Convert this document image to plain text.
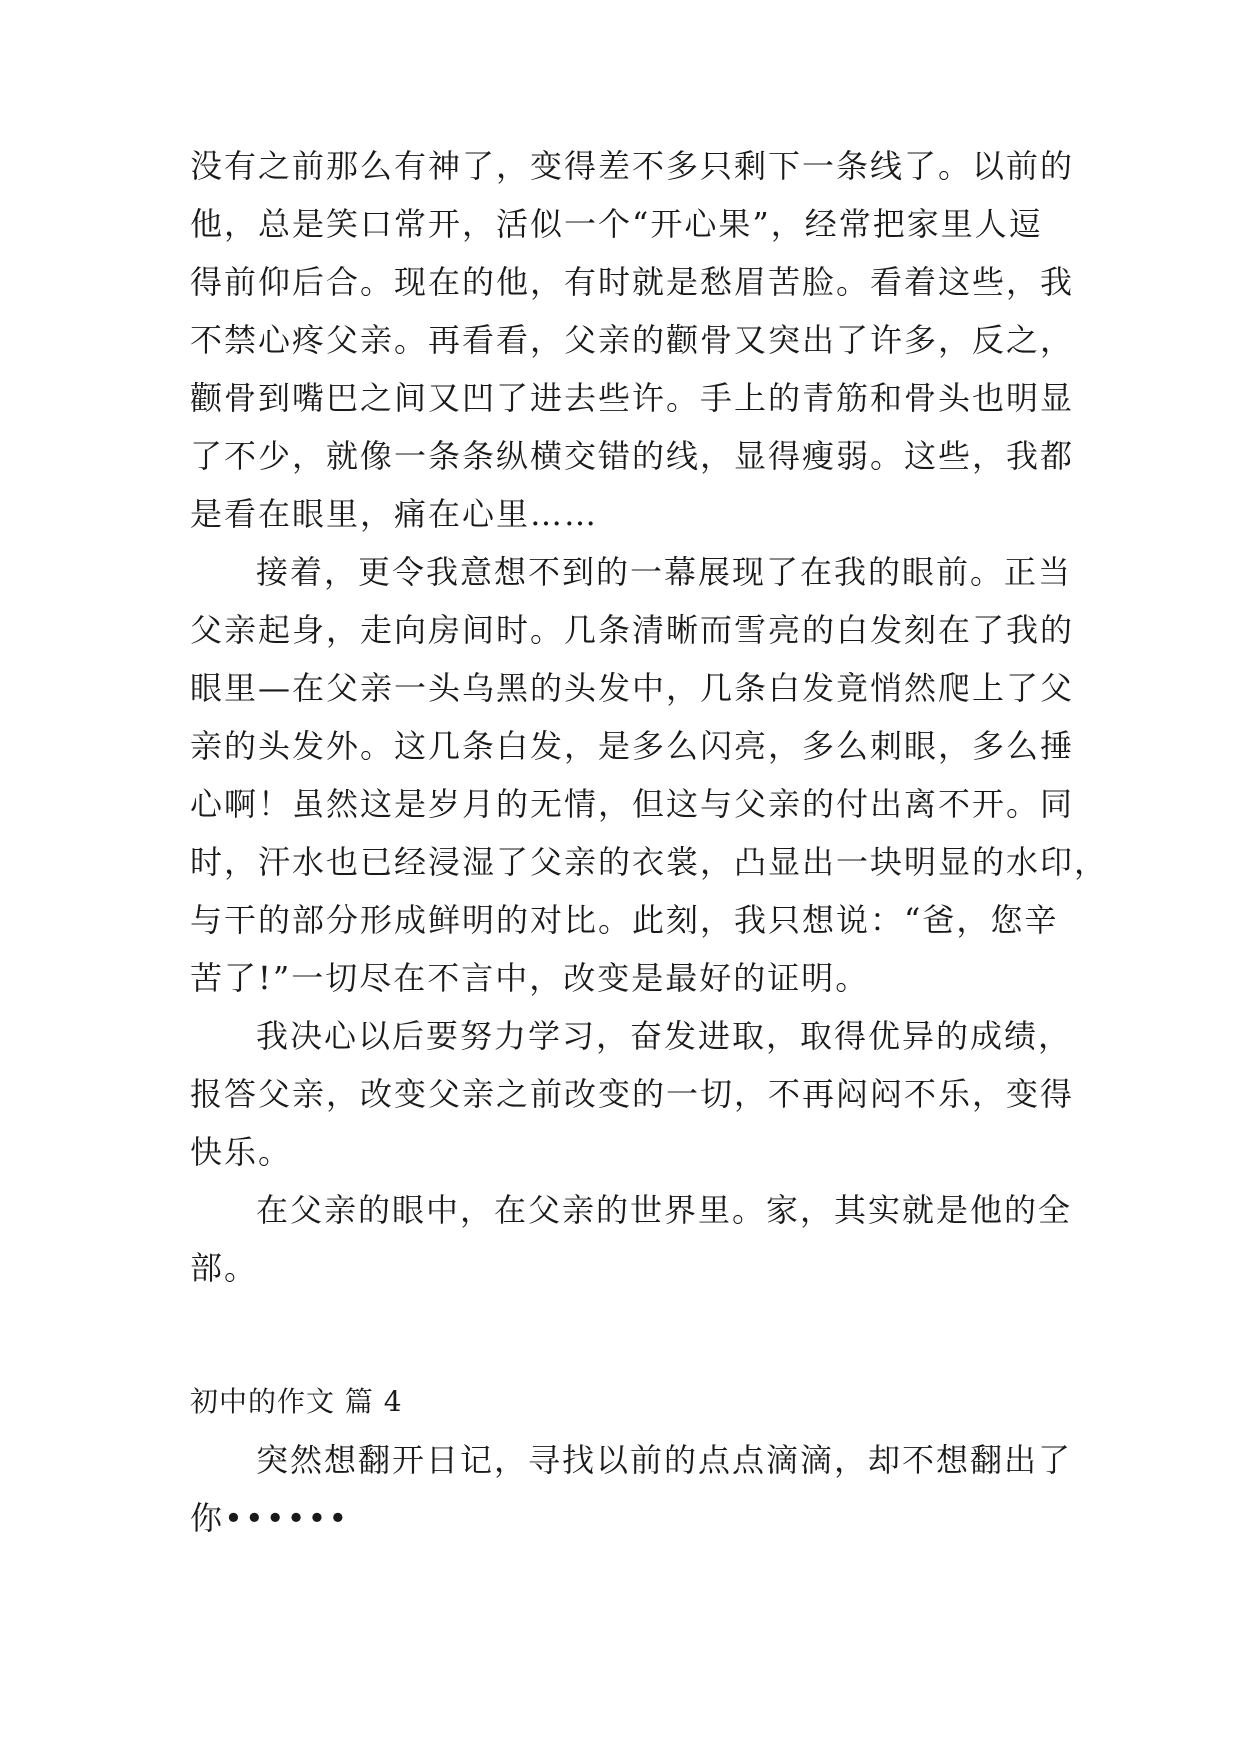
没有之前那么有神了，变得差不多只剩下一条线了。以前的
他，总是笑口常开，活似一个“开心果”，经常把家里人逗
得前仰后合。现在的他，有时就是愁眉苦脸。看着这些，我
不禁心疼父亲。再看看，父亲的颧骨又突出了许多，反之，
颧骨到嘴巴之间又凹了进去些许。手上的青筋和骨头也明显
了不少，就像一条条纵横交错的线，显得瘦弱。这些，我都
是看在眼里，痛在心里……
接着，更令我意想不到的一幕展现了在我的眼前。正当
父亲起身，走向房间时。几条清晰而雪亮的白发刻在了我的
眼里—在父亲一头乌黑的头发中，几条白发竟悄然爬上了父
亲的头发外。这几条白发，是多么闪亮，多么刺眼，多么捶
心啊！虽然这是岁月的无情，但这与父亲的付出离不开。同
时，汗水也已经浸湿了父亲的衣裳，凸显出一块明显的水印，
与干的部分形成鲜明的对比。此刻，我只想说：“爸，您辛
苦了!”一切尽在不言中，改变是最好的证明。
我决心以后要努力学习，奋发进取，取得优异的成绩，
报答父亲，改变父亲之前改变的一切，不再闷闷不乐，变得
快乐。
在父亲的眼中，在父亲的世界里。家，其实就是他的全
部。
初中的作文 篇 4
突然想翻开日记，寻找以前的点点滴滴，却不想翻出了
你••••••
